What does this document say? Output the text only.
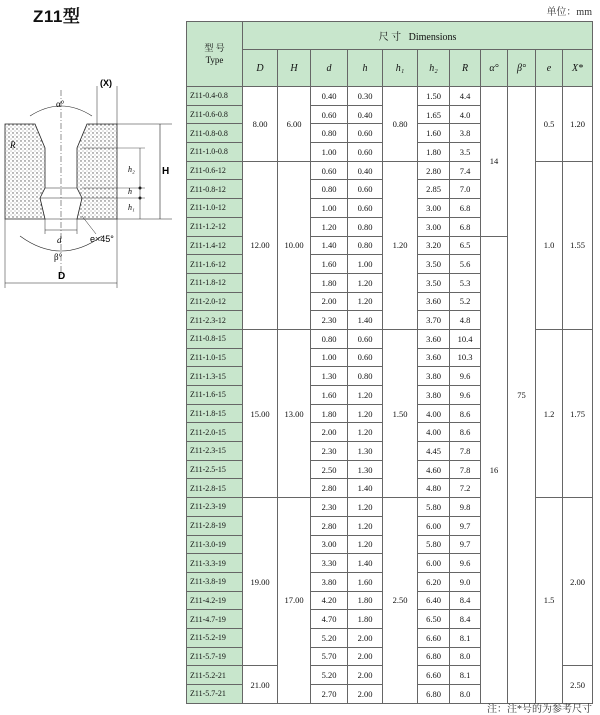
Z11型	单位：mm
α°
(X)
R
H
h₂
h
h₁
d	e×45°
β°
D
型 号
Type	尺 寸 Dimensions										
	D	H	d	h	h₁	h₂	R	α°	β°	e	X*
Z11-0.4-0.8	8.00	6.00	0.40	0.30	0.80	1.50	4.4	14	75	0.5	1.20
Z11-0.6-0.8			0.60	0.40		1.65	4.0				
Z11-0.8-0.8			0.80	0.60		1.60	3.8				
Z11-1.0-0.8			1.00	0.60		1.80	3.5				
Z11-0.6-12	12.00	10.00	0.60	0.40	1.20	2.80	7.4			1.0	1.55
Z11-0.8-12			0.80	0.60		2.85	7.0				
Z11-1.0-12			1.00	0.60		3.00	6.8				
Z11-1.2-12			1.20	0.80		3.00	6.8				
Z11-1.4-12			1.40	0.80		3.20	6.5	16			
Z11-1.6-12			1.60	1.00		3.50	5.6				
Z11-1.8-12			1.80	1.20		3.50	5.3				
Z11-2.0-12			2.00	1.20		3.60	5.2				
Z11-2.3-12			2.30	1.40		3.70	4.8				
Z11-0.8-15	15.00	13.00	0.80	0.60	1.50	3.60	10.4			1.2	1.75
Z11-1.0-15			1.00	0.60		3.60	10.3				
Z11-1.3-15			1.30	0.80		3.80	9.6				
Z11-1.6-15			1.60	1.20		3.80	9.6				
Z11-1.8-15			1.80	1.20		4.00	8.6				
Z11-2.0-15			2.00	1.20		4.00	8.6				
Z11-2.3-15			2.30	1.30		4.45	7.8				
Z11-2.5-15			2.50	1.30		4.60	7.8				
Z11-2.8-15			2.80	1.40		4.80	7.2				
Z11-2.3-19	19.00	17.00	2.30	1.20	2.50	5.80	9.8			1.5	2.00
Z11-2.8-19			2.80	1.20		6.00	9.7				
Z11-3.0-19			3.00	1.20		5.80	9.7				
Z11-3.3-19			3.30	1.40		6.00	9.6				
Z11-3.8-19			3.80	1.60		6.20	9.0				
Z11-4.2-19			4.20	1.80		6.40	8.4				
Z11-4.7-19			4.70	1.80		6.50	8.4				
Z11-5.2-19			5.20	2.00		6.60	8.1				
Z11-5.7-19			5.70	2.00		6.80	8.0				
Z11-5.2-21	21.00		5.20	2.00		6.60	8.1				2.50
Z11-5.7-21			2.70	2.00		6.80	8.0				
注：注*号的为参考尺寸
